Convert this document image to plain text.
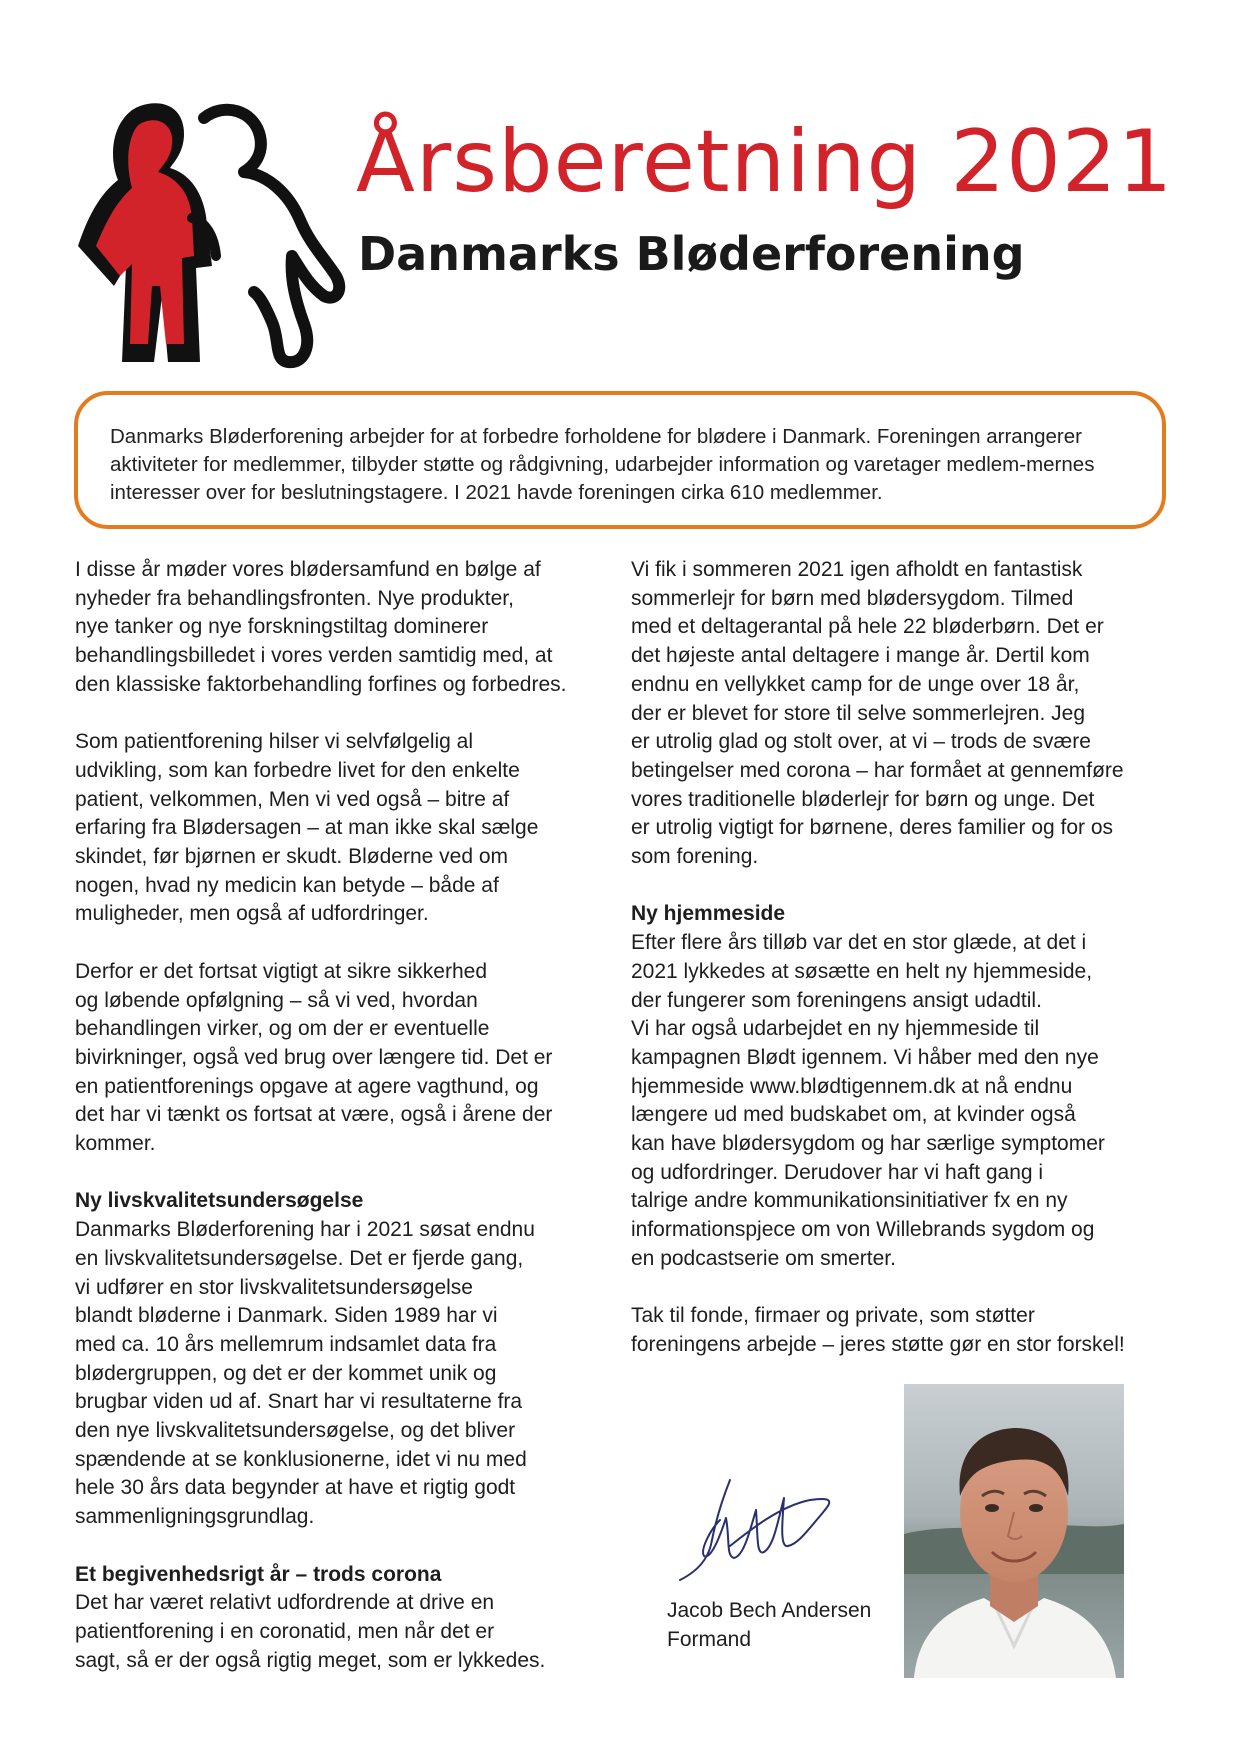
Årsberetning 2021
Danmarks Bløderforening

Danmarks Bløderforening arbejder for at forbedre forholdene for blødere i Danmark. Foreningen arrangerer aktiviteter for medlemmer, tilbyder støtte og rådgivning, udarbejder information og varetager medlem-mernes interesser over for beslutningstagere. I 2021 havde foreningen cirka 610 medlemmer.

I disse år møder vores blødersamfund en bølge af
nyheder fra behandlingsfronten. Nye produkter,
nye tanker og nye forskningstiltag dominerer
behandlingsbilledet i vores verden samtidig med, at
den klassiske faktorbehandling forfines og forbedres.

Som patientforening hilser vi selvfølgelig al
udvikling, som kan forbedre livet for den enkelte
patient, velkommen, Men vi ved også – bitre af
erfaring fra Blødersagen – at man ikke skal sælge
skindet, før bjørnen er skudt. Bløderne ved om
nogen, hvad ny medicin kan betyde – både af
muligheder, men også af udfordringer.

Derfor er det fortsat vigtigt at sikre sikkerhed
og løbende opfølgning – så vi ved, hvordan
behandlingen virker, og om der er eventuelle
bivirkninger, også ved brug over længere tid. Det er
en patientforenings opgave at agere vagthund, og
det har vi tænkt os fortsat at være, også i årene der
kommer.

Ny livskvalitetsundersøgelse

Danmarks Bløderforening har i 2021 søsat endnu
en livskvalitetsundersøgelse. Det er fjerde gang,
vi udfører en stor livskvalitetsundersøgelse
blandt bløderne i Danmark. Siden 1989 har vi
med ca. 10 års mellemrum indsamlet data fra
blødergruppen, og det er der kommet unik og
brugbar viden ud af. Snart har vi resultaterne fra
den nye livskvalitetsundersøgelse, og det bliver
spændende at se konklusionerne, idet vi nu med
hele 30 års data begynder at have et rigtig godt
sammenligningsgrundlag.

Et begivenhedsrigt år – trods corona

Det har været relativt udfordrende at drive en
patientforening i en coronatid, men når det er
sagt, så er der også rigtig meget, som er lykkedes.

Vi fik i sommeren 2021 igen afholdt en fantastisk
sommerlejr for børn med blødersygdom. Tilmed
med et deltagerantal på hele 22 bløderbørn. Det er
det højeste antal deltagere i mange år. Dertil kom
endnu en vellykket camp for de unge over 18 år,
der er blevet for store til selve sommerlejren. Jeg
er utrolig glad og stolt over, at vi – trods de svære
betingelser med corona – har formået at gennemføre
vores traditionelle bløderlejr for børn og unge. Det
er utrolig vigtigt for børnene, deres familier og for os
som forening.

Ny hjemmeside

Efter flere års tilløb var det en stor glæde, at det i
2021 lykkedes at søsætte en helt ny hjemmeside,
der fungerer som foreningens ansigt udadtil.
Vi har også udarbejdet en ny hjemmeside til
kampagnen Blødt igennem. Vi håber med den nye
hjemmeside www.blødtigennem.dk at nå endnu
længere ud med budskabet om, at kvinder også
kan have blødersygdom og har særlige symptomer
og udfordringer. Derudover har vi haft gang i
talrige andre kommunikationsinitiativer fx en ny
informationspjece om von Willebrands sygdom og
en podcastserie om smerter.

Tak til fonde, firmaer og private, som støtter
foreningens arbejde – jeres støtte gør en stor forskel!

Jacob Bech Andersen
Formand
